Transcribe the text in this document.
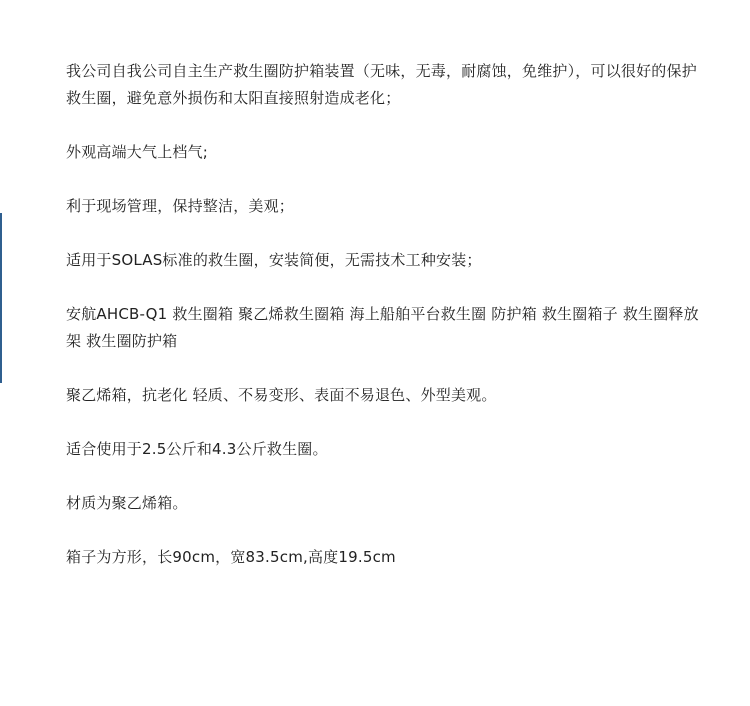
我公司自我公司自主生产救生圈防护箱装置（无味，无毒，耐腐蚀，免维护），可以很好的保护救生圈，避免意外损伤和太阳直接照射造成老化；

外观高端大气上档气;

利于现场管理，保持整洁，美观；

适用于SOLAS标准的救生圈，安装简便，无需技术工种安装；

安航AHCB-Q1 救生圈箱 聚乙烯救生圈箱 海上船舶平台救生圈 防护箱 救生圈箱子 救生圈释放架 救生圈防护箱

聚乙烯箱，抗老化 轻质、不易变形、表面不易退色、外型美观。

适合使用于2.5公斤和4.3公斤救生圈。

材质为聚乙烯箱。

箱子为方形，长90cm，宽83.5cm,高度19.5cm
